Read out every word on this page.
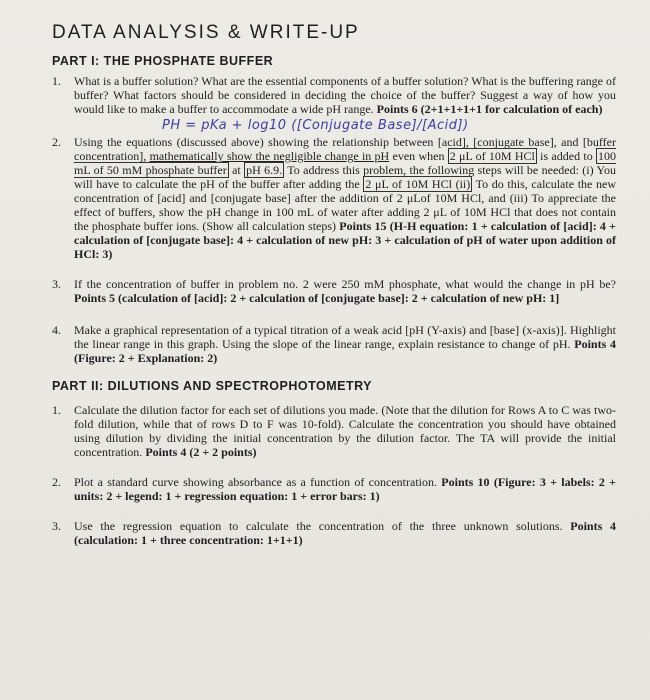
DATA ANALYSIS & WRITE-UP
PART I: THE PHOSPHATE BUFFER
1.	What is a buffer solution? What are the essential components of a buffer solution? What is the buffering range of buffer? What factors should be considered in deciding the choice of the buffer? Suggest a way of how you would like to make a buffer to accommodate a wide pH range. Points 6 (2+1+1+1+1 for calculation of each)
PH = pKa + log10 ([Conjugate Base]/[Acid])
2.	Using the equations (discussed above) showing the relationship between [acid], [conjugate base], and [buffer concentration], mathematically show the negligible change in pH even when 2 μL of 10M HCl is added to 100 mL of 50 mM phosphate buffer at pH 6.9. To address this problem, the following steps will be needed: (i) You will have to calculate the pH of the buffer after adding the 2 μL of 10M HCl (ii) To do this, calculate the new concentration of [acid] and [conjugate base] after the addition of 2 μLof 10M HCl, and (iii) To appreciate the effect of buffers, show the pH change in 100 mL of water after adding 2 μL of 10M HCl that does not contain the phosphate buffer ions. (Show all calculation steps) Points 15 (H-H equation: 1 + calculation of [acid]: 4 + calculation of [conjugate base]: 4 + calculation of new pH: 3 + calculation of pH of water upon addition of HCl: 3)
3.	If the concentration of buffer in problem no. 2 were 250 mM phosphate, what would the change in pH be? Points 5 (calculation of [acid]: 2 + calculation of [conjugate base]: 2 + calculation of new pH: 1]
4.	Make a graphical representation of a typical titration of a weak acid [pH (Y-axis) and [base] (x-axis)]. Highlight the linear range in this graph. Using the slope of the linear range, explain resistance to change of pH. Points 4 (Figure: 2 + Explanation: 2)
PART II: DILUTIONS AND SPECTROPHOTOMETRY
1.	Calculate the dilution factor for each set of dilutions you made. (Note that the dilution for Rows A to C was two-fold dilution, while that of rows D to F was 10-fold). Calculate the concentration you should have obtained using dilution by dividing the initial concentration by the dilution factor. The TA will provide the initial concentration. Points 4 (2 + 2 points)
2.	Plot a standard curve showing absorbance as a function of concentration. Points 10 (Figure: 3 + labels: 2 + units: 2 + legend: 1 + regression equation: 1 + error bars: 1)
3.	Use the regression equation to calculate the concentration of the three unknown solutions. Points 4 (calculation: 1 + three concentration: 1+1+1)
